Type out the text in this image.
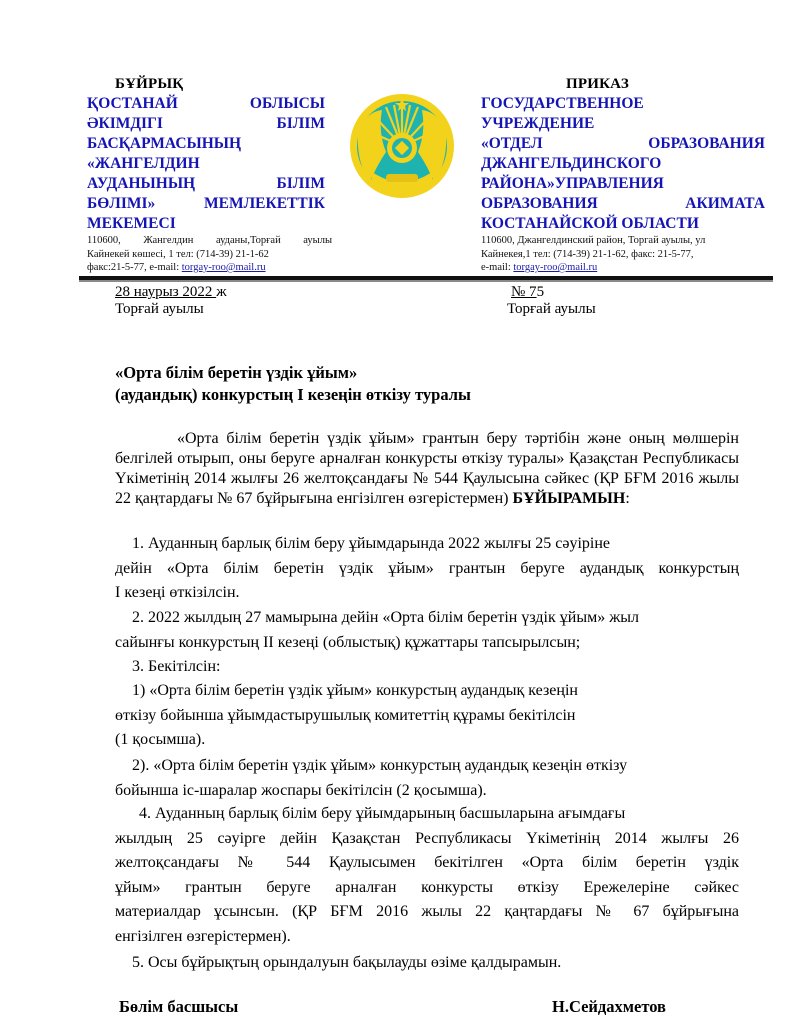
БҰЙРЫҚ
ҚОСТАНАЙ ОБЛЫСЫ
ӘКІМДІГІ БІЛІМ
БАСҚАРМАСЫНЫҢ
«ЖАНГЕЛДИН
АУДАНЫНЫҢ БІЛІМ
БӨЛІМІ» МЕМЛЕКЕТТІК
МЕКЕМЕСІ
110600, Жангелдин ауданы,Торғай ауылы
Кайнекей көшесі, 1 тел: (714-39) 21-1-62
факс:21-5-77, e-mail: torgay-roo@mail.ru
ПРИКАЗ
ГОСУДАРСТВЕННОЕ
УЧРЕЖДЕНИЕ
«ОТДЕЛ ОБРАЗОВАНИЯ
ДЖАНГЕЛЬДИНСКОГО
РАЙОНА»УПРАВЛЕНИЯ
ОБРАЗОВАНИЯ АКИМАТА
КОСТАНАЙСКОЙ ОБЛАСТИ
110600, Джангелдинский район, Торгай ауылы, ул
Кайнекея,1 тел: (714-39) 21-1-62, факс: 21-5-77,
e-mail: torgay-roo@mail.ru
28 наурыз 2022 ж
Торғай ауылы
№ 75
Торғай ауылы
«Орта білім беретін үздік ұйым»
(аудандық) конкурстың І кезеңін өткізу туралы
«Орта білім беретін үздік ұйым» грантын беру тәртібін және оның мөлшерін белгілей отырып, оны беруге арналған конкурсты өткізу туралы» Қазақстан Республикасы Үкіметінің 2014 жылғы 26 желтоқсандағы № 544 Қаулысына сәйкес (ҚР БҒМ 2016 жылы 22 қаңтардағы № 67 бұйрығына енгізілген өзгерістермен) БҰЙЫРАМЫН:
1. Ауданның барлық білім беру ұйымдарында 2022 жылғы 25 сәуіріне
дейін «Орта білім беретін үздік ұйым» грантын беруге аудандық конкурстың
І кезеңі өткізілсін.
2. 2022 жылдың 27 мамырына дейін «Орта білім беретін үздік ұйым» жыл
сайынғы конкурстың ІІ кезеңі (облыстық) құжаттары тапсырылсын;
3. Бекітілсін:
1) «Орта білім беретін үздік ұйым» конкурстың аудандық кезеңін
өткізу бойынша ұйымдастырушылық комитеттің құрамы бекітілсін
(1 қосымша).
2). «Орта білім беретін үздік ұйым» конкурстың аудандық кезеңін өткізу
бойынша іс-шаралар жоспары бекітілсін (2 қосымша).
4. Ауданның барлық білім беру ұйымдарының басшыларына ағымдағы
жылдың 25 сәуірге дейін Қазақстан Республикасы Үкіметінің 2014 жылғы 26
желтоқсандағы № 544 Қаулысымен бекітілген «Орта білім беретін үздік
ұйым» грантын беруге арналған конкурсты өткізу Ережелеріне сәйкес
материалдар ұсынсын. (ҚР БҒМ 2016 жылы 22 қаңтардағы № 67 бұйрығына
енгізілген өзгерістермен).
5. Осы бұйрықтың орындалуын бақылауды өзіме қалдырамын.
Бөлім басшысы	Н.Сейдахметов
